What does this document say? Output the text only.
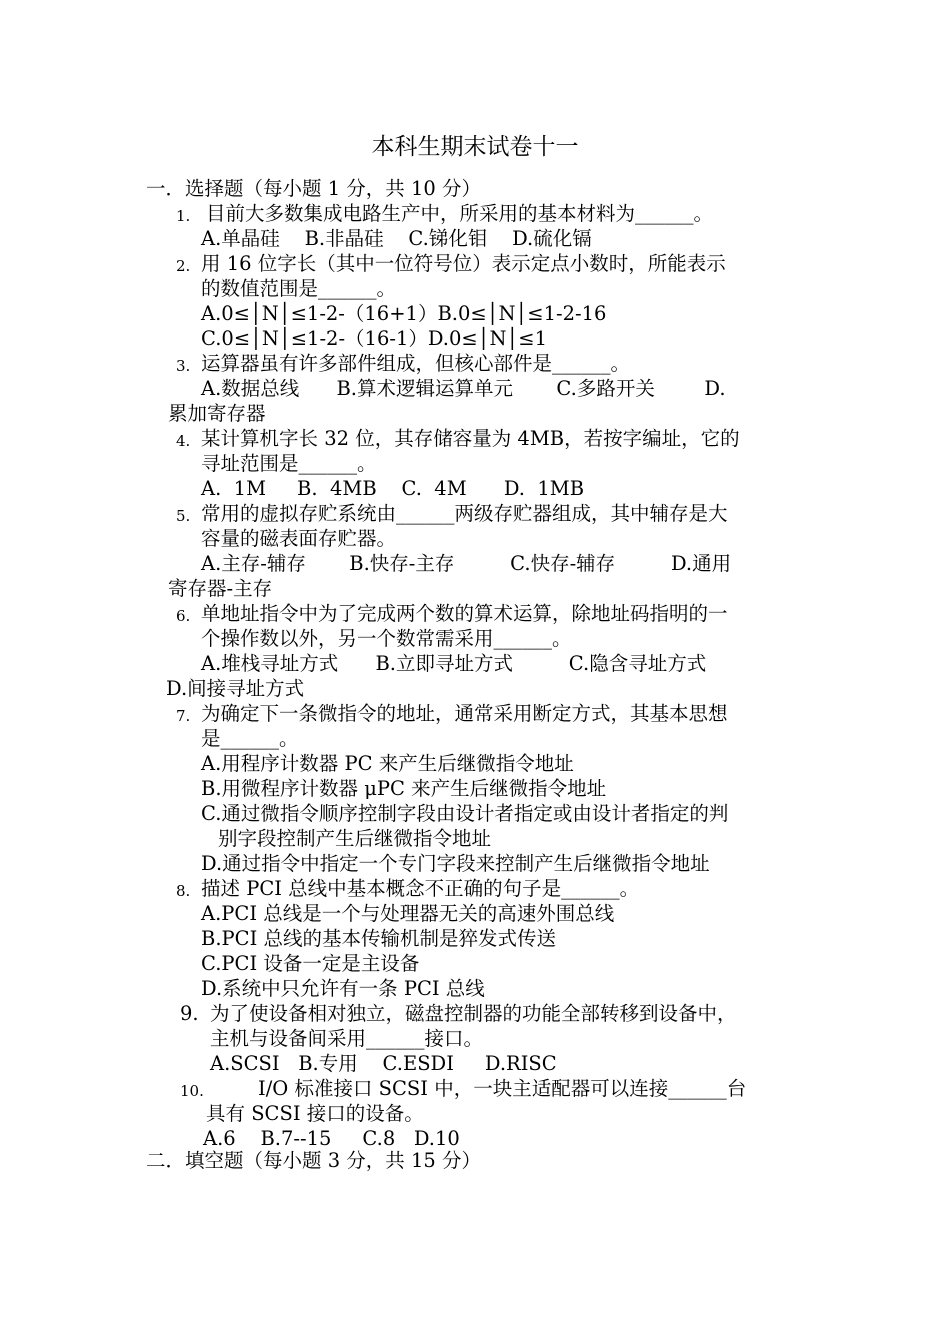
本科生期末试卷十一
一．选择题（每小题 1 分，共 10 分）
1. 目前大多数集成电路生产中，所采用的基本材料为______。
A.单晶硅    B.非晶硅    C.锑化钼    D.硫化镉
2. 用 16 位字长（其中一位符号位）表示定点小数时，所能表示
的数值范围是______。
A.0≤│N│≤1-2-（16+1）B.0≤│N│≤1-2-16
C.0≤│N│≤1-2-（16-1）D.0≤│N│≤1
3. 运算器虽有许多部件组成，但核心部件是______。
A.数据总线      B.算术逻辑运算单元       C.多路开关        D.
累加寄存器
4. 某计算机字长 32 位，其存储容量为 4MB，若按字编址，它的
寻址范围是______。
A.  1M     B.  4MB    C.  4M      D.  1MB
5. 常用的虚拟存贮系统由______两级存贮器组成，其中辅存是大
容量的磁表面存贮器。
A.主存-辅存       B.快存-主存         C.快存-辅存         D.通用
寄存器-主存
6. 单地址指令中为了完成两个数的算术运算，除地址码指明的一
个操作数以外，另一个数常需采用______。
A.堆栈寻址方式      B.立即寻址方式         C.隐含寻址方式
D.间接寻址方式
7. 为确定下一条微指令的地址，通常采用断定方式，其基本思想
是______。
A.用程序计数器 PC 来产生后继微指令地址
B.用微程序计数器 μPC 来产生后继微指令地址
C.通过微指令顺序控制字段由设计者指定或由设计者指定的判
别字段控制产生后继微指令地址
D.通过指令中指定一个专门字段来控制产生后继微指令地址
8. 描述 PCI 总线中基本概念不正确的句子是______。
A.PCI 总线是一个与处理器无关的高速外围总线
B.PCI 总线的基本传输机制是猝发式传送
C.PCI 设备一定是主设备
D.系统中只允许有一条 PCI 总线
9. 为了使设备相对独立，磁盘控制器的功能全部转移到设备中，
主机与设备间采用______接口。
A.SCSI   B.专用    C.ESDI     D.RISC
10.	I/O 标准接口 SCSI 中，一块主适配器可以连接______台
具有 SCSI 接口的设备。
A.6    B.7--15     C.8   D.10
二．填空题（每小题 3 分，共 15 分）
